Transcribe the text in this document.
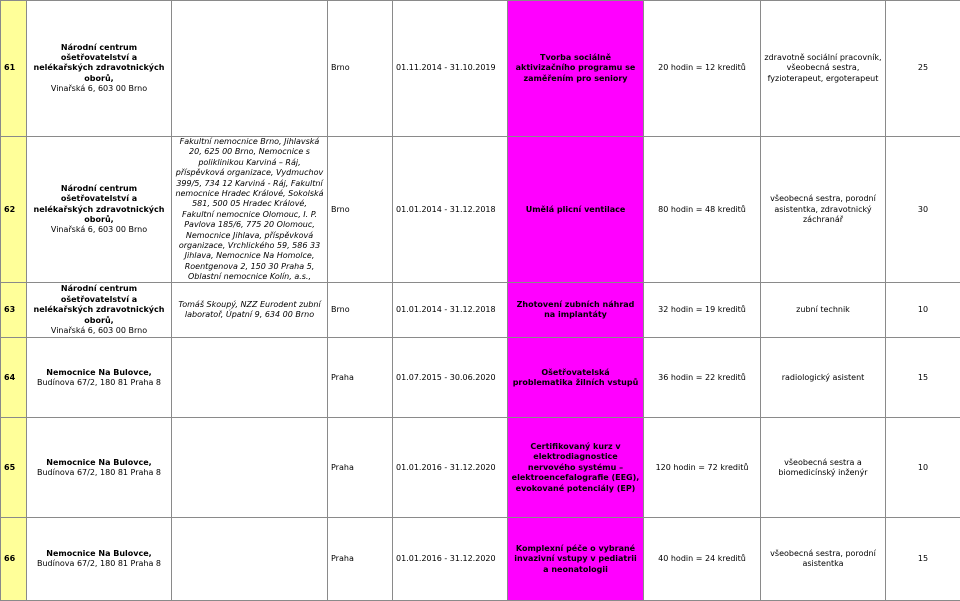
61	Národní centrum ošetřovatelství a nelékařských zdravotnických oborů,
Vinařská 6, 603 00 Brno		Brno	01.11.2014 - 31.10.2019	Tvorba sociálně aktivizačního programu se zaměřením pro seniory	20 hodin = 12 kreditů	zdravotně sociální pracovník, všeobecná sestra, fyzioterapeut, ergoterapeut	25
62	Národní centrum ošetřovatelství a nelékařských zdravotnických oborů,
Vinařská 6, 603 00 Brno	Fakultní nemocnice Brno, Jihlavská 20, 625 00 Brno, Nemocnice s poliklinikou Karviná – Ráj, příspěvková organizace, Vydmuchov 399/5, 734 12 Karviná - Ráj, Fakultní nemocnice Hradec Králové, Sokolská 581, 500 05 Hradec Králové, Fakultní nemocnice Olomouc, I. P. Pavlova 185/6, 775 20 Olomouc, Nemocnice Jihlava, příspěvková organizace, Vrchlického 59, 586 33 Jihlava, Nemocnice Na Homolce, Roentgenova 2, 150 30 Praha 5, Oblastní nemocnice Kolín, a.s.,	Brno	01.01.2014 - 31.12.2018	Umělá plicní ventilace	80 hodin = 48 kreditů	všeobecná sestra, porodní asistentka, zdravotnický záchranář	30
63	Národní centrum ošetřovatelství a nelékařských zdravotnických oborů,
Vinařská 6, 603 00 Brno	Tomáš Skoupý, NZZ Eurodent zubní laboratoř, Úpatní 9, 634 00 Brno	Brno	01.01.2014 - 31.12.2018	Zhotovení zubních náhrad na implantáty	32 hodin = 19 kreditů	zubní technik	10
64	Nemocnice Na Bulovce,
Budínova 67/2, 180 81 Praha 8		Praha	01.07.2015 - 30.06.2020	Ošetřovatelská problematika žilních vstupů	36 hodin = 22 kreditů	radiologický asistent	15
65	Nemocnice Na Bulovce,
Budínova 67/2, 180 81 Praha 8		Praha	01.01.2016 - 31.12.2020	Certifikovaný kurz v elektrodiagnostice nervového systému – elektroencefalografie (EEG), evokované potenciály (EP)	120 hodin = 72 kreditů	všeobecná sestra a biomedicínský inženýr	10
66	Nemocnice Na Bulovce,
Budínova 67/2, 180 81 Praha 8		Praha	01.01.2016 - 31.12.2020	Komplexní péče o vybrané invazivní vstupy v pediatrii a neonatologii	40 hodin = 24 kreditů	všeobecná sestra, porodní asistentka	15
